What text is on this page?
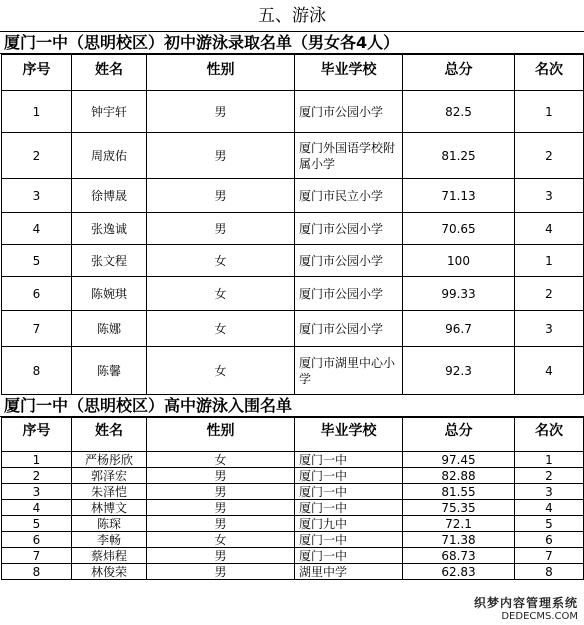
五、游泳
厦门一中（思明校区）初中游泳录取名单（男女各4人）
序号	姓名	性别	毕业学校	总分	名次
1	钟宇轩	男	厦门市公园小学	82.5	1
2	周宬佑	男	厦门外国语学校附属小学	81.25	2
3	徐博晟	男	厦门市民立小学	71.13	3
4	张逸诚	男	厦门市公园小学	70.65	4
5	张文程	女	厦门市公园小学	100	1
6	陈婉琪	女	厦门市公园小学	99.33	2
7	陈娜	女	厦门市公园小学	96.7	3
8	陈馨	女	厦门市湖里中心小学	92.3	4
厦门一中（思明校区）高中游泳入围名单
序号	姓名	性别	毕业学校	总分	名次
1	严杨彤欣	女	厦门一中	97.45	1
2	郭泽宏	男	厦门一中	82.88	2
3	朱泽恺	男	厦门一中	81.55	3
4	林博文	男	厦门一中	75.35	4
5	陈琛	男	厦门九中	72.1	5
6	李畅	女	厦门一中	71.38	6
7	蔡炜程	男	厦门一中	68.73	7
8	林俊荣	男	湖里中学	62.83	8
织梦内容管理系统
DEDECMS.COM
